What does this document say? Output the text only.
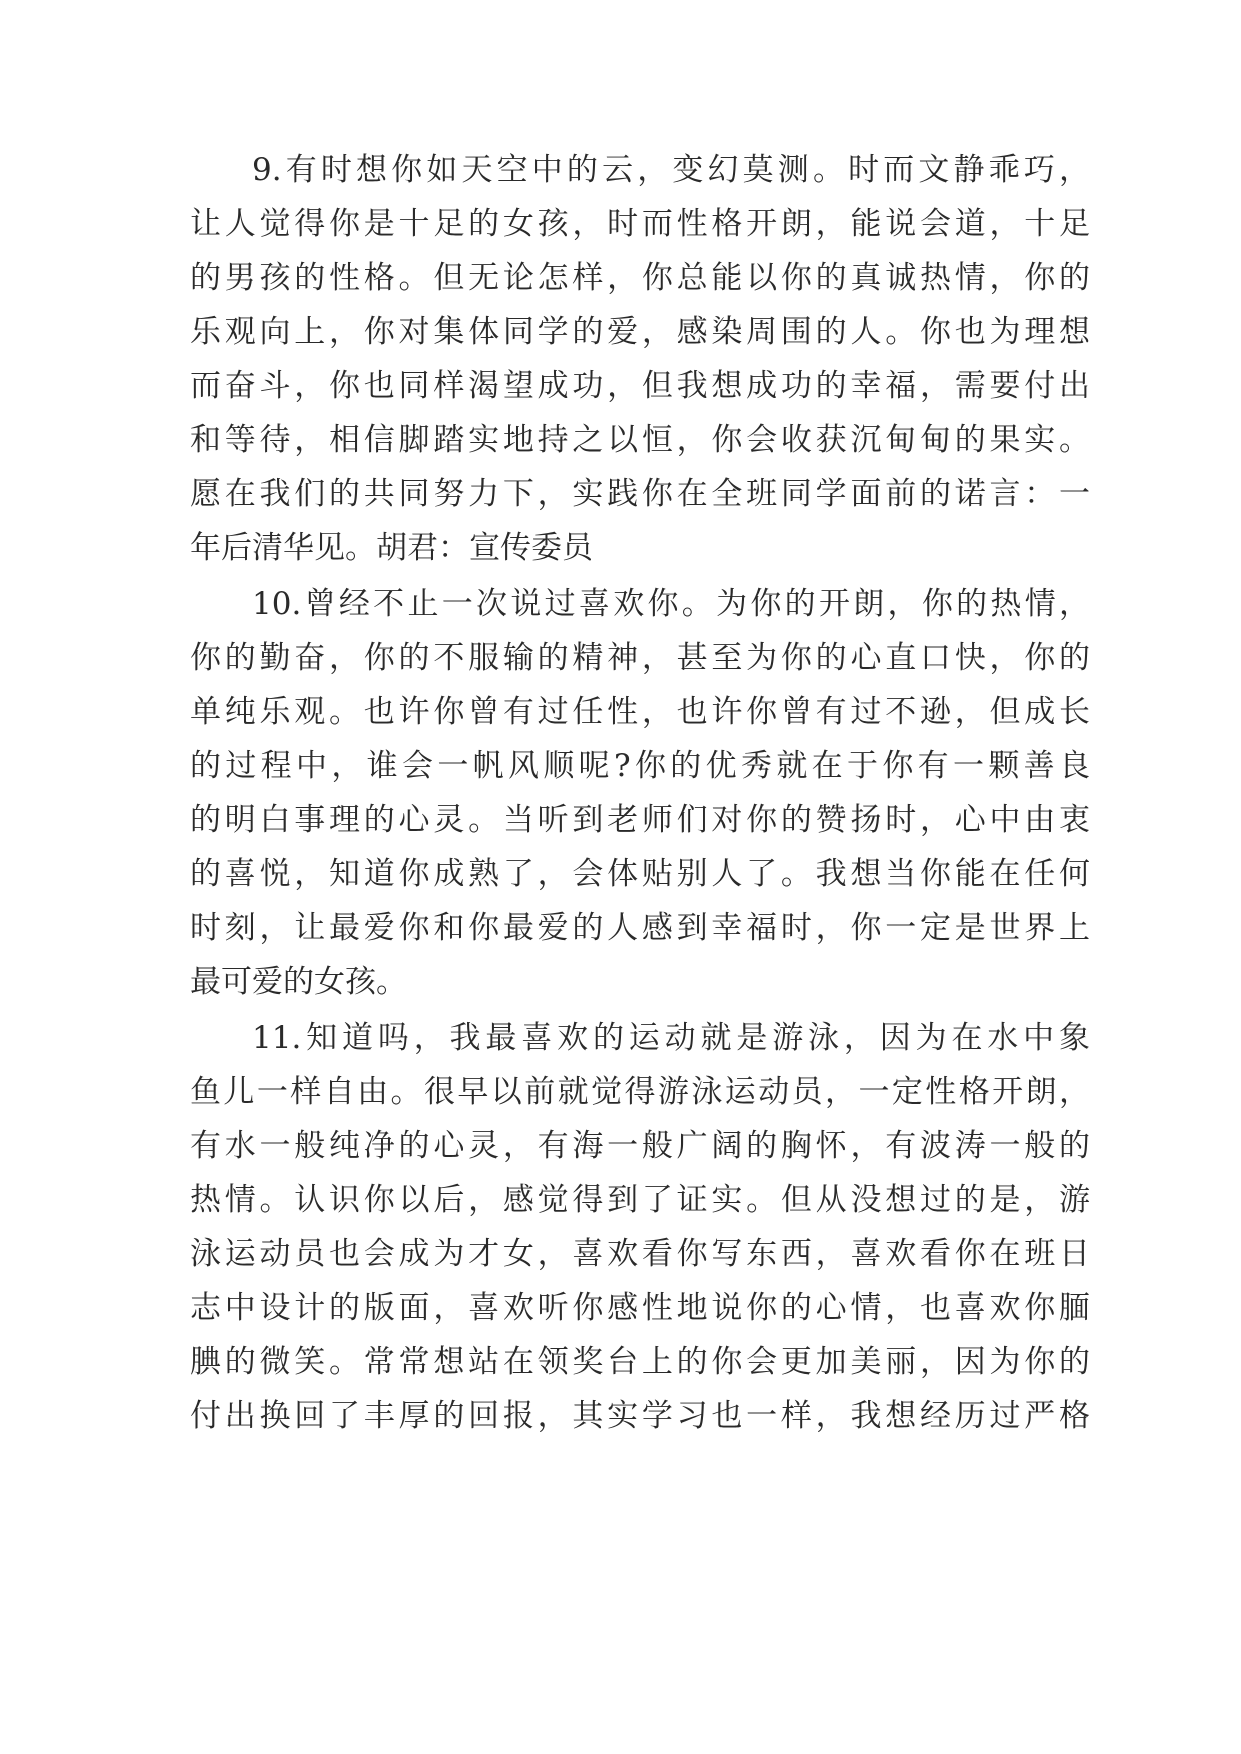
9.有时想你如天空中的云，变幻莫测。时而文静乖巧，
让人觉得你是十足的女孩，时而性格开朗，能说会道，十足
的男孩的性格。但无论怎样，你总能以你的真诚热情，你的
乐观向上，你对集体同学的爱，感染周围的人。你也为理想
而奋斗，你也同样渴望成功，但我想成功的幸福，需要付出
和等待，相信脚踏实地持之以恒，你会收获沉甸甸的果实。
愿在我们的共同努力下，实践你在全班同学面前的诺言：一
年后清华见。胡君：宣传委员
10.曾经不止一次说过喜欢你。为你的开朗，你的热情，
你的勤奋，你的不服输的精神，甚至为你的心直口快，你的
单纯乐观。也许你曾有过任性，也许你曾有过不逊，但成长
的过程中，谁会一帆风顺呢?你的优秀就在于你有一颗善良
的明白事理的心灵。当听到老师们对你的赞扬时，心中由衷
的喜悦，知道你成熟了，会体贴别人了。我想当你能在任何
时刻，让最爱你和你最爱的人感到幸福时，你一定是世界上
最可爱的女孩。
11.知道吗，我最喜欢的运动就是游泳，因为在水中象
鱼儿一样自由。很早以前就觉得游泳运动员，一定性格开朗，
有水一般纯净的心灵，有海一般广阔的胸怀，有波涛一般的
热情。认识你以后，感觉得到了证实。但从没想过的是，游
泳运动员也会成为才女，喜欢看你写东西，喜欢看你在班日
志中设计的版面，喜欢听你感性地说你的心情，也喜欢你腼
腆的微笑。常常想站在领奖台上的你会更加美丽，因为你的
付出换回了丰厚的回报，其实学习也一样，我想经历过严格
